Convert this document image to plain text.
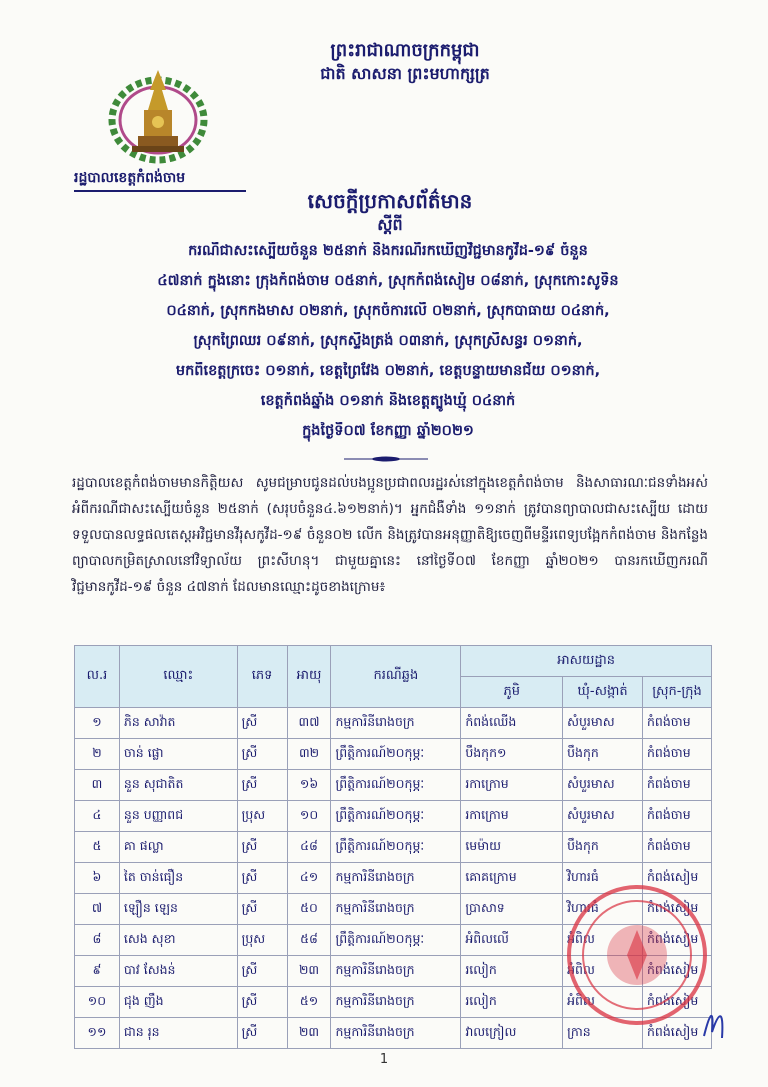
ព្រះរាជាណាចក្រកម្ពុជា
ជាតិ សាសនា ព្រះមហាក្សត្រ
រដ្ឋបាលខេត្តកំពង់ចាម
សេចក្តីប្រកាសព័ត៌មាន
ស្តីពី
ករណីជាសះស្បើយចំនួន ២៥នាក់ និងករណីរកឃើញវិជ្ជមានកូវីដ-១៩ ចំនួន
៤៧នាក់ ក្នុងនោះ ក្រុងកំពង់ចាម ០៥នាក់, ស្រុកកំពង់សៀម ០៨នាក់, ស្រុកកោះសូទិន
០៤នាក់, ស្រុកកងមាស ០២នាក់, ស្រុកចំការលើ ០២នាក់, ស្រុកបាធាយ ០៤នាក់,
ស្រុកព្រៃឈរ ០៩នាក់, ស្រុកស្ទឹងត្រង់ ០៣នាក់, ស្រុកស្រីសន្ធរ ០១នាក់,
មកពីខេត្តក្រចេះ ០១នាក់, ខេត្តព្រៃវែង ០២នាក់, ខេត្តបន្ទាយមានជ័យ ០១នាក់,
ខេត្តកំពង់ឆ្នាំង ០១នាក់ និងខេត្តត្បូងឃ្មុំ ០៤នាក់
ក្នុងថ្ងៃទី០៧ ខែកញ្ញា ឆ្នាំ២០២១
រដ្ឋបាលខេត្តកំពង់ចាមមានកិត្តិយស សូមជម្រាបជូនដល់បងប្អូនប្រជាពលរដ្ឋរស់នៅក្នុងខេត្តកំពង់ចាម និងសាធារណៈជនទាំងអស់ អំពីករណីជាសះស្បើយចំនួន ២៥នាក់ (សរុបចំនួន៤.៦១២នាក់)។ អ្នកជំងឺទាំង ១១នាក់ ត្រូវបានព្យាបាលជាសះស្បើយ ដោយទទួលបានលទ្ធផលតេស្តអវិជ្ជមានវីរុសកូវីដ-១៩ ចំនួន០២ លើក និងត្រូវបានអនុញ្ញាតិឱ្យចេញពីមន្ទីរពេទ្យបង្អែកកំពង់ចាម និងកន្លែងព្យាបាលកម្រិតស្រាលនៅវិទ្យាល័យ ព្រះសីហនុ។ ជាមួយគ្នានេះ នៅថ្ងៃទី០៧ ខែកញ្ញា ឆ្នាំ២០២១ បានរកឃើញករណីវិជ្ជមានកូវីដ-១៩ ចំនួន ៤៧នាក់ ដែលមានឈ្មោះដូចខាងក្រោម៖
ល.រ	ឈ្មោះ	ភេទ	អាយុ	ករណីឆ្លង	អាសយដ្ឋាន		
					ភូមិ	ឃុំ-សង្កាត់	ស្រុក-ក្រុង
១	ភិន សាវ៉ាត	ស្រី	៣៧	កម្មការិនីរោងចក្រ	កំពង់ឈើង	សំបួរមាស	កំពង់ចាម
២	ចាន់ ផ្លោ	ស្រី	៣២	ព្រឹត្តិការណ៍២០កុម្ភៈ	បឹងកុក១	បឹងកុក	កំពង់ចាម
៣	នួន សុជាតិត	ស្រី	១៦	ព្រឹត្តិការណ៍២០កុម្ភៈ	រកាក្រោម	សំបួរមាស	កំពង់ចាម
៤	នួន បញ្ញាពជ	ប្រុស	១០	ព្រឹត្តិការណ៍២០កុម្ភៈ	រកាក្រោម	សំបួរមាស	កំពង់ចាម
៥	គា ផល្លា	ស្រី	៤៨	ព្រឹត្តិការណ៍២០កុម្ភៈ	មេម៉ាយ	បឹងកុក	កំពង់ចាម
៦	តៃ ចាន់ធឿន	ស្រី	៤១	កម្មការិនីរោងចក្រ	គោគក្រោម	វិហារធំ	កំពង់សៀម
៧	ឡឿន ឡេន	ស្រី	៥០	កម្មការិនីរោងចក្រ	ប្រាសាទ	វិហារធំ	កំពង់សៀម
៨	សេង សុខា	ប្រុស	៥៨	ព្រឹត្តិការណ៍២០កុម្ភៈ	អំពិលលើ	អំពិល	កំពង់សៀម
៩	បាវ សែងន់	ស្រី	២៣	កម្មការិនីរោងចក្រ	រលៀក	អំពិល	កំពង់សៀម
១០	ជុង ញឹង	ស្រី	៥១	កម្មការិនីរោងចក្រ	រលៀក	អំពិល	កំពង់សៀម
១១	ជាន រុន	ស្រី	២៣	កម្មការិនីរោងចក្រ	វាលក្រៀល	ក្រាន	កំពង់សៀម
1
